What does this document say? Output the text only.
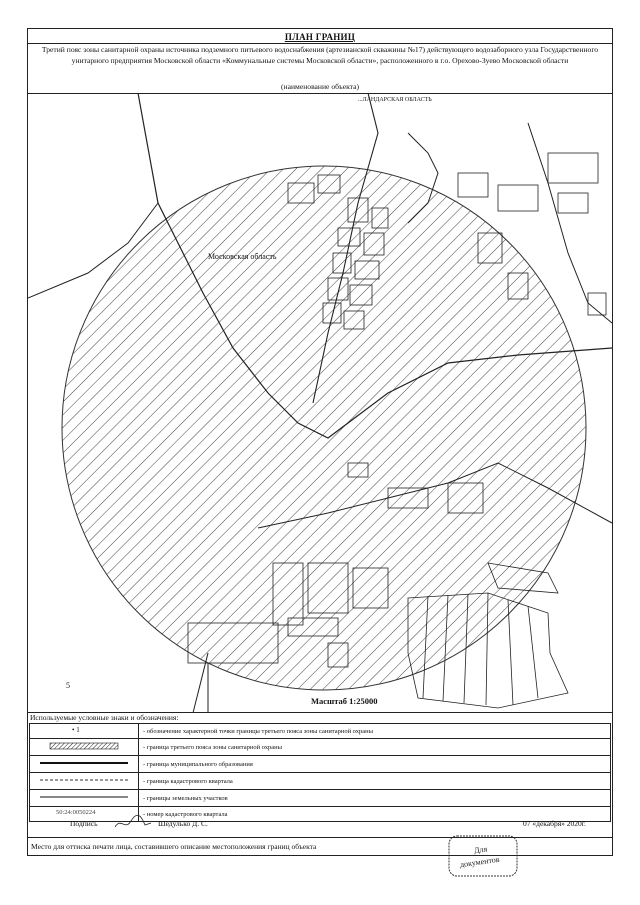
ПЛАН ГРАНИЦ
Третий пояс зоны санитарной охраны источника подземного питьевого водоснабжения (артезианской скважины №17) действующего водозаборного узла Государственного унитарного предприятия Московской области «Коммунальные системы Московской области», расположенного в г.о. Орехово-Зуево Московской области
(наименование объекта)
Московская область
...ЛАНДАРСКАЯ ОБЛАСТЬ
5
Масштаб 1:25000
Используемые условные знаки и обозначения:
• 1	- обозначение характерной точки границы третьего пояса зоны санитарной охраны
	- граница третьего пояса зоны санитарной охраны
	- граница муниципального образования
	- граница кадастрового квартала
	- границы земельных участков

50:24:0050224	- номер кадастрового квартала
Подпись	Шедулько Д. С.	07 «декабря» 2020г.
Место для оттиска печати лица, составившего описание местоположения границ объекта	Для
документов
